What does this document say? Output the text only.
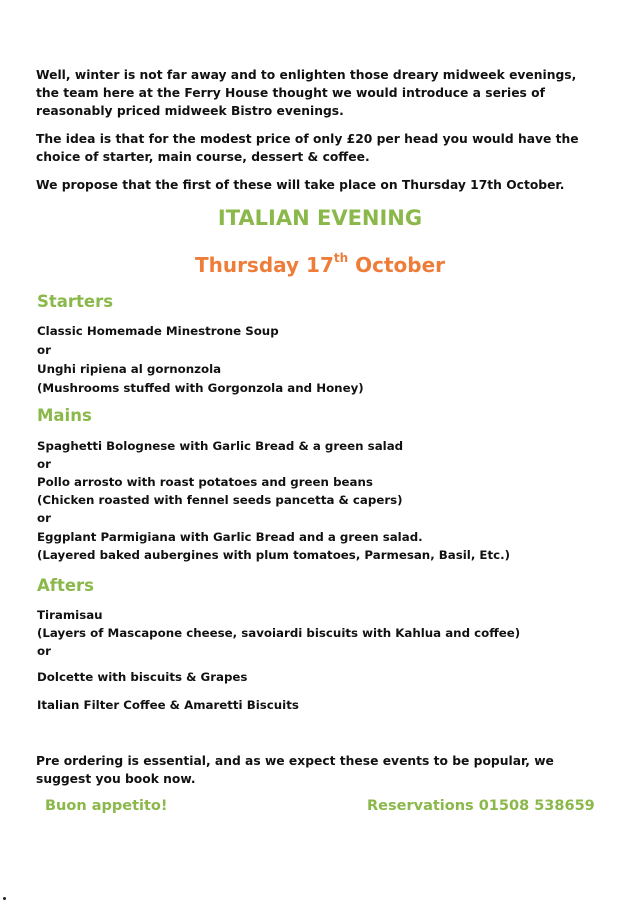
Well, winter is not far away and to enlighten those dreary midweek evenings, the team here at the Ferry House thought we would introduce a series of reasonably priced midweek Bistro evenings.

The idea is that for the modest price of only £20 per head you would have the choice of starter, main course, dessert & coffee.

We propose that the first of these will take place on Thursday 17th October.

ITALIAN EVENING
Thursday 17th October
Starters
Classic Homemade Minestrone Soup
or
Unghi ripiena al gornonzola
(Mushrooms stuffed with Gorgonzola and Honey)
Mains
Spaghetti Bolognese with Garlic Bread & a green salad
or
Pollo arrosto with roast potatoes and green beans
(Chicken roasted with fennel seeds pancetta & capers)
or
Eggplant Parmigiana with Garlic Bread and a green salad.
(Layered baked aubergines with plum tomatoes, Parmesan, Basil, Etc.)
Afters
Tiramisau
(Layers of Mascapone cheese, savoiardi biscuits with Kahlua and coffee)
or
Dolcette with biscuits & Grapes
Italian Filter Coffee & Amaretti Biscuits
Pre ordering is essential, and as we expect these events to be popular, we suggest you book now.
Buon appetito!	Reservations 01508 538659
